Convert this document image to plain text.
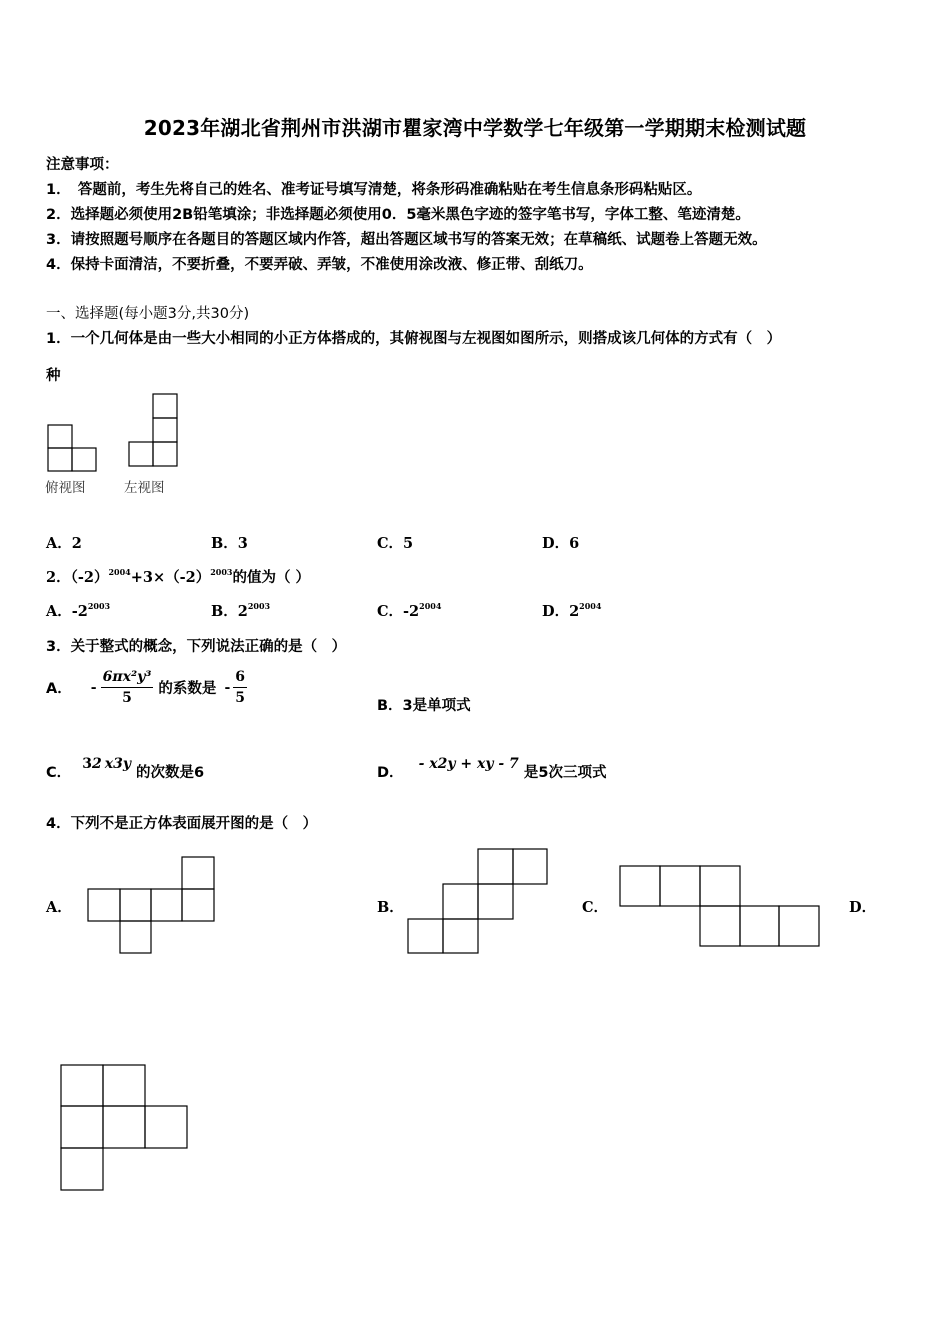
2023年湖北省荆州市洪湖市瞿家湾中学数学七年级第一学期期末检测试题
注意事项：
1．　答题前，考生先将自己的姓名、准考证号填写清楚，将条形码准确粘贴在考生信息条形码粘贴区。
2．选择题必须使用2B铅笔填涂；非选择题必须使用0．5毫米黑色字迹的签字笔书写，字体工整、笔迹清楚。
3．请按照题号顺序在各题目的答题区域内作答，超出答题区域书写的答案无效；在草稿纸、试题卷上答题无效。
4．保持卡面清洁，不要折叠，不要弄破、弄皱，不准使用涂改液、修正带、刮纸刀。
一、选择题(每小题3分,共30分)
1．一个几何体是由一些大小相同的小正方体搭成的，其俯视图与左视图如图所示，则搭成该几何体的方式有（　）
种
俯视图	左视图
A．2	B．3	C．5	D．6
2．$(-2)^{2004}+3\times(-2)^{2003}$的值为（ ）
A．$-2^{2003}$	B．$2^{2003}$	C．$-2^{2004}$	D．$2^{2004}$
3．关于整式的概念，下列说法正确的是（　）
A． - $\frac{\text{6πx²y³}}{5}$ 的系数是 - $\frac{6}{5}$	B．3是单项式
C． 32 x3y 的次数是6	D． - x2y + xy - 7 是5次三项式
4．下列不是正方体表面展开图的是（　）
A．	B．	C．	D．
